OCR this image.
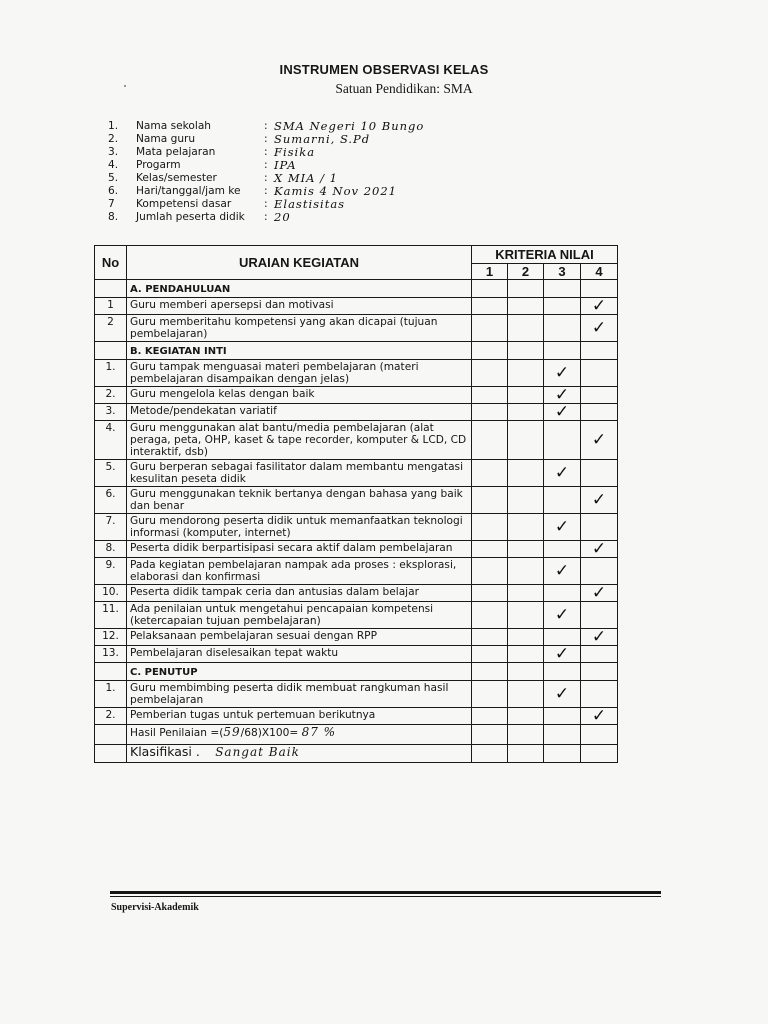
INSTRUMEN OBSERVASI KELAS
Satuan Pendidikan: SMA
1.	Nama sekolah	: SMA Negeri 10 Bungo
2.	Nama guru	: Sumarni, S.Pd
3.	Mata pelajaran	: Fisika
4.	Progarm	: IPA
5.	Kelas/semester	: X MIA / 1
6.	Hari/tanggal/jam ke	: Kamis 4 Nov 2021
7	Kompetensi dasar	: Elastisitas
8.	Jumlah peserta didik	: 20
No	URAIAN KEGIATAN	KRITERIA NILAI			
		1	2	3	4
	A. PENDAHULUAN				
1	Guru memberi apersepsi dan motivasi				✓
2	Guru memberitahu kompetensi yang akan dicapai (tujuan pembelajaran)				✓
	B. KEGIATAN INTI				
1.	Guru tampak menguasai materi pembelajaran (materi pembelajaran disampaikan dengan jelas)			✓	
2.	Guru mengelola kelas dengan baik			✓	
3.	Metode/pendekatan variatif			✓	
4.	Guru menggunakan alat bantu/media pembelajaran (alat peraga, peta, OHP, kaset & tape recorder, komputer & LCD, CD interaktif, dsb)				✓
5.	Guru berperan sebagai fasilitator dalam membantu mengatasi kesulitan peseta didik			✓	
6.	Guru menggunakan teknik bertanya dengan bahasa yang baik dan benar				✓
7.	Guru mendorong peserta didik untuk memanfaatkan teknologi informasi (komputer, internet)			✓	
8.	Peserta didik berpartisipasi secara aktif dalam pembelajaran				✓
9.	Pada kegiatan pembelajaran nampak ada proses : eksplorasi, elaborasi dan konfirmasi			✓	
10.	Peserta didik tampak ceria dan antusias dalam belajar				✓
11.	Ada penilaian untuk mengetahui pencapaian kompetensi (ketercapaian tujuan pembelajaran)			✓	
12.	Pelaksanaan pembelajaran sesuai dengan RPP				✓
13.	Pembelajaran diselesaikan tepat waktu			✓	
	C. PENUTUP				
1.	Guru membimbing peserta didik membuat rangkuman hasil pembelajaran			✓	
2.	Pemberian tugas untuk pertemuan berikutnya				✓
	Hasil Penilaian =(59/68)X100= 87 %				
	Klasifikasi . Sangat Baik				
Supervisi-Akademik
